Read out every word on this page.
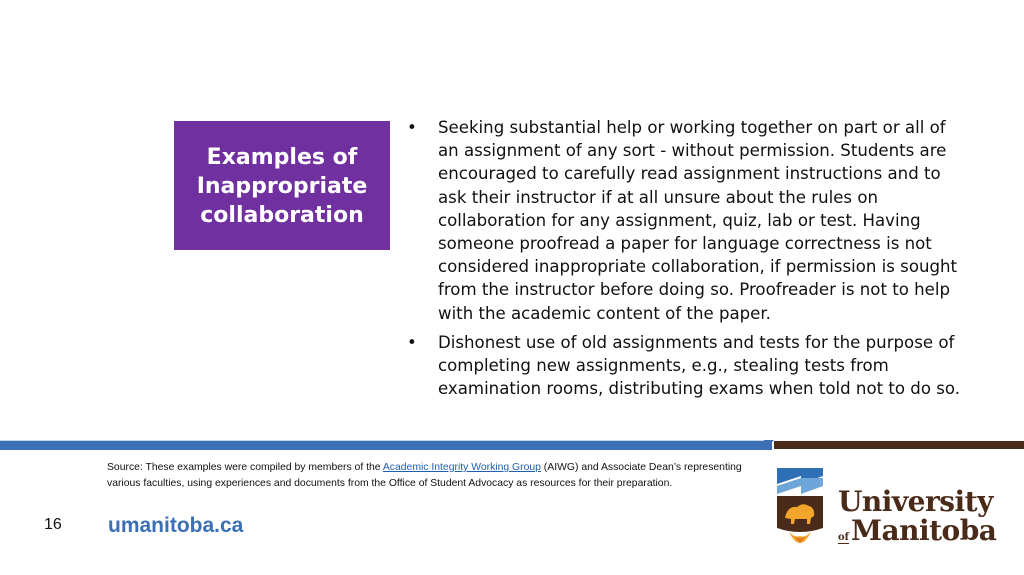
Examples of
Inappropriate
collaboration
• Seeking substantial help or working together on part or all of an assignment of any sort - without permission. Students are encouraged to carefully read assignment instructions and to ask their instructor if at all unsure about the rules on collaboration for any assignment, quiz, lab or test. Having someone proofread a paper for language correctness is not considered inappropriate collaboration, if permission is sought from the instructor before doing so. Proofreader is not to help with the academic content of the paper.
• Dishonest use of old assignments and tests for the purpose of completing new assignments, e.g., stealing tests from examination rooms, distributing exams when told not to do so.
Source: These examples were compiled by members of the Academic Integrity Working Group (AIWG) and Associate Dean’s representing various faculties, using experiences and documents from the Office of Student Advocacy as resources for their preparation.
16 umanitoba.ca
University
of Manitoba
